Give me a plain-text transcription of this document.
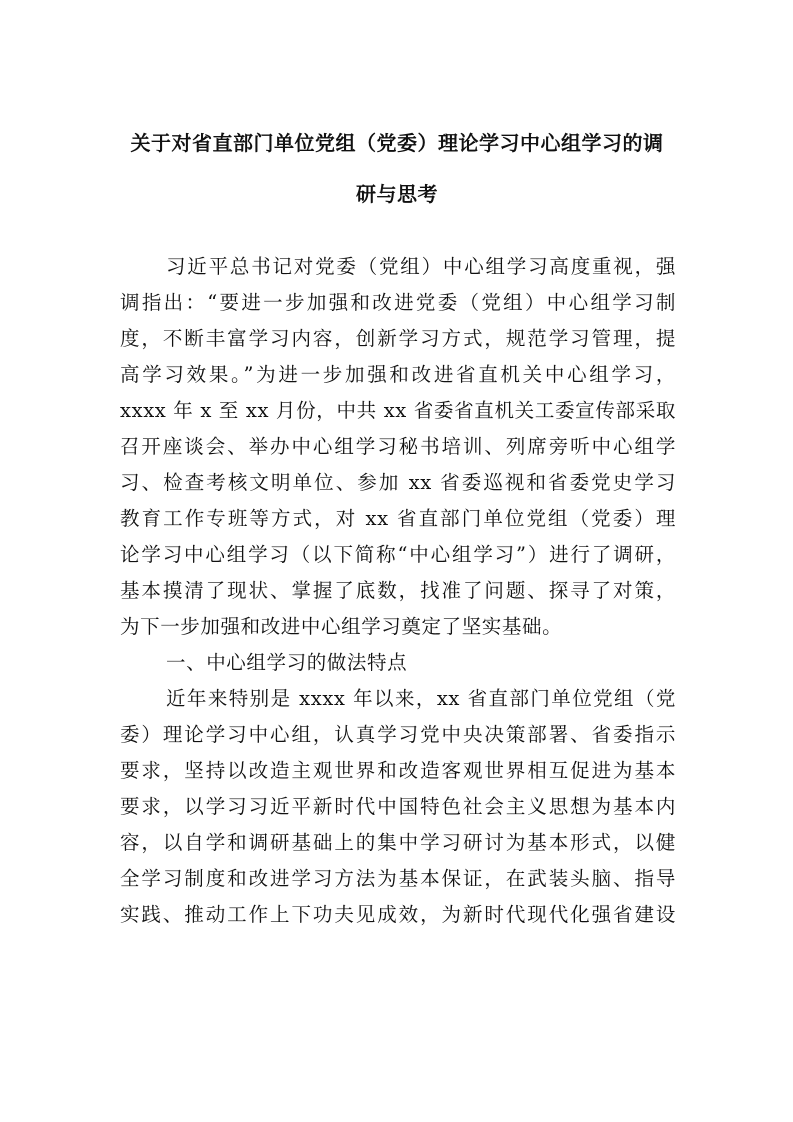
关于对省直部门单位党组（党委）理论学习中心组学习的调
研与思考
习近平总书记对党委（党组）中心组学习高度重视，强
调指出：“要进一步加强和改进党委（党组）中心组学习制
度，不断丰富学习内容，创新学习方式，规范学习管理，提
高学习效果。”为进一步加强和改进省直机关中心组学习，
xxxx 年 x 至 xx 月份，中共 xx 省委省直机关工委宣传部采取
召开座谈会、举办中心组学习秘书培训、列席旁听中心组学
习、检查考核文明单位、参加 xx 省委巡视和省委党史学习
教育工作专班等方式，对 xx 省直部门单位党组（党委）理
论学习中心组学习（以下简称“中心组学习”）进行了调研，
基本摸清了现状、掌握了底数，找准了问题、探寻了对策，
为下一步加强和改进中心组学习奠定了坚实基础。
一、中心组学习的做法特点
近年来特别是 xxxx 年以来，xx 省直部门单位党组（党
委）理论学习中心组，认真学习党中央决策部署、省委指示
要求，坚持以改造主观世界和改造客观世界相互促进为基本
要求，以学习习近平新时代中国特色社会主义思想为基本内
容，以自学和调研基础上的集中学习研讨为基本形式，以健
全学习制度和改进学习方法为基本保证，在武装头脑、指导
实践、推动工作上下功夫见成效，为新时代现代化强省建设
